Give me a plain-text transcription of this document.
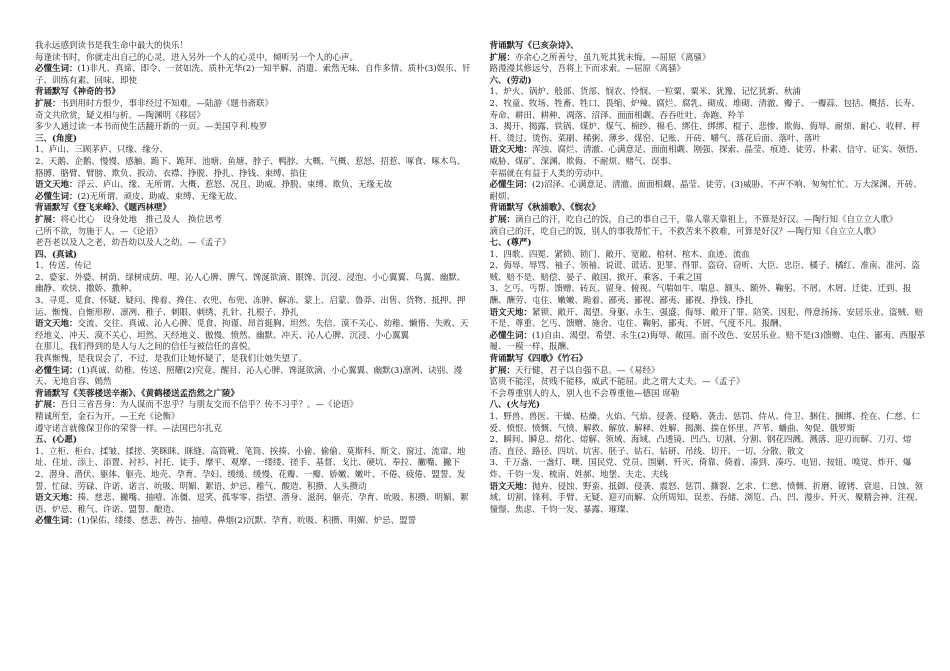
我永远感到读书是我生命中最大的快乐！

每逢读书时，你就走出自己的心灵，进入另外一个人的心灵中，倾听另一个人的心声。

必懂生词：(1)非凡、真谛、即令、一贫如洗、质朴无华(2)一知半解、消遣、索然无味、自作多情、质朴(3)娱乐、钎子、训练有素、回味、即使

背诵默写《神奇的书》

扩展：书到用时方恨少，事非经过不知难。—陆游《题书斋联》

奇文共欣赏，疑义相与析。—陶渊明《移居》

多少人通过读一本书而使生活翻开新的一页。—美国亨利.梭罗

三、(角度)

1、庐山、三顾茅庐、只缘、缘分、

2、天鹅、企鹅、慢慢、感触、跪下、跪拜、池塘、鱼塘、脖子、鸭脖、大概、气概、惹怒、招惹、啄食、啄木鸟、胳膊、胳臂、臂膀、欺负、扳动、衣襟、挣脱、挣扎、挣钱、束缚、掐住

语文天地：浮云、庐山、缘、无所谓、大概、惹怒、况且、助威、挣脱、束缚、欺负、无缘无故

必懂生词：(2)无所谓、顽皮、助威、束缚、无缘无故、

背诵默写《登飞来峰》、《题西林壁》

扩展：将心比心　设身处地　推己及人　换位思考

己所不欲，勿施于人。—《论语》

老吾老以及人之老，幼吾幼以及人之幼。—《孟子》

四、(真诚)

1、传送、传记

2、婆家、外婆、树荫、绿树成荫、哩、沁人心脾、脾气、馋涎欲滴、眼馋、沉浸、浸泡、小心翼翼、鸟翼、幽默、幽静、欢快、撒娇、撒种、

3、寻觅、觅食、怀疑、疑问、搀着、搀住、衣兜、布兜、冻肿、解冻、蒙上、启蒙、鲁莽、出售、货物、抵押、押运、惭愧、自惭形秽、凛冽、稚子、刺眼、刺绣、扎针、扎根子、挣扎

语文天地：交流、交往、真诚、沁人心脾、觅食、拘谨、昂首挺胸、坦然、失信、漠不关心、幼稚、懒惰、失败、天经地义、冲天、漠不关心、坦然、天经地义、傲慢、愤然、幽默、冲天、沁人心脾、沉浸、小心翼翼

在那儿，我们得到的是人与人之间的信任与被信任的喜悦。

我真惭愧，是我误会了，不过，是我们让她怀疑了，是我们让她失望了。

必懂生词：(1)真诚、幼稚、传送、照耀(2)究竟、醒目、沁人心脾、馋涎欲滴、小心翼翼、幽默(3)凛冽、诀别、漫天、无地自容、嫣然

背诵默写《芙蓉楼送辛渐》、《黄鹤楼送孟浩然之广陵》

扩展：吾日三省吾身：为人谋而不忠乎？与朋友交而不信乎？传不习乎？。—《论语》

精诚所至，金石为开。—王充《论衡》

遵守诺言就像保卫你的荣誉一样。—法国巴尔扎克

五、(心愿)

1、立柜、柜台、揉皱、揉搓、笑眯眯、眯缝、高筒靴、笔筒、挨揍、小偷、偷偷、莫斯科、斯文、窗过、流窜、地址、住址、添上、添置、衬衫、衬托、徒手、摩平、观摩、一缕缕、搓手、基督、戈比、硬坑、奉拉、撇嘴、撇下

2、潜身、潜伏、躯体、躯壳、地壳、孕育、孕妇、缓缓、缓慢、花瓣、一瓣、娇嫩、嫩叶、不倦、疲倦、盟誓、发誓、忙碌、劳碌、许诺、诺言、吮吸、明媚、絮语、炉忌、稚气、酸造、积攒、人头攒动

语文天地：揍、慈悲、撇嘴、抽噎、冻僵、逗笑、孤零零、指望、潜身、滋润、躯壳、孕育、吮吸、积攒、明媚、絮语、炉忌、稚气、许诺、盟誓、酿造、

必懂生词：(1)保佑、缕缕、慈悲、祷告、抽噎、鼻烟(2)沉默、孕育、吮吸、积攒、明媚、炉忌、盟誓

背诵默写《已亥杂诗》、

扩展：亦余心之所善兮，虽九死其犹未悔。—屈原《离骚》

路漫漫其修远兮，吾将上下而求索。—屈原《离骚》

六、(劳动)

1、炉火、锅炉、般部、货部、悯农、怜悯、一粒粟、粟米、犹豫、记忆犹新、秋浦

2、牧童、牧场、牲畜、牲口、畏缩、炉辣、腐烂、腐乳、砌成、堆砌、清澈、瓣子、一瓣蒜、包括、概括、长寿、寿命、耕田、耕种、凋落、沼泽、面面相觑、吞吞吐吐、奔跑、羚羊

3、揭开、揭露、铁锅、煤炉、煤气、棉纱、棉毛、绑住、绑绑、棍子、悲惨、欺侮、侮辱、耐烦、耐心、收秤、秤杆、烫过、烫伤、菜刷、稀粥、薄乡、煤窑、记账、开砖、嚼气、落花后面、落叶、落叶

语文天地：浑浊、腐烂、清澈、心满意足、面面相觑、刚强、探索、晶莹、痕迹、徒劳、朴素、信守、证实、领悟、威胁、煤矿、深渊、欺侮、不耐烦、赌气、误事、

幸福就在有益于人类的劳动中。

必懂生词：(2)沼泽、心满意足、清澈、面面相觑、晶莹、徒劳、(3)威胁、不声不响、匆匆忙忙、万大深渊、开砖、耐烦、

背诵默写《秋浦歌》、《悯农》

扩展：滴自己的汗，吃自己的饭，自己的事自己干，靠人靠天靠祖上，不算是好汉。—陶行知《自立立人歌》

滴自己的汗，吃自己的饭，别人的事我帮忙干，不救苦来不救难，可算是好汉？—陶行知《自立立人歌》

七、(尊严)

1、四歌、四冕、紧锁、锁门、敞开、宽敞、棺材、棺木、血迹、流血

2、侮辱、辱骂、袖子、领袖、说谎、谎话、犯罪、得罪、盗窃、窃听、大臣、忠臣、橘子、橘红、准南、准河、盗贼、赔不是、赔偿、晏子、敞国、掀开、乘客、千乘之国

3、乞丐、丐帮、馈赠、砖瓦、留身、俯视、气喘如牛、喘息、额头、额外、鞠躬、不屑、木屑、迁徙、迁到、报酬、酬劳、屯住、嫩嫩、跪着、鄙夷、鄙视、鄙夷、鄙视、挣钱、挣扎

语文天地：紧锁、敞开、渴望、身躯、永生、强盛、侮辱、敞开了罪、陪笑、因犯、得意扬扬、安居乐业、盗贼、赔不是、尊重、乞丐、馈赠、施舍、屯住、鞠躬、鄙夷、不屑、气度不凡、报酬、

必懂生词：(1)自由、渴望、希望、永生(2)侮辱、敞国、面不改色、安居乐业、赔不是(3)馈赠、屯住、鄙夷、西服革履、一模一样、报酬、

背诵默写《四歌》《竹石》

扩展：天行健，君子以自强不息。—《易经》

富贵不能淫，贫贱不能移，威武不能屈。此之谓大丈夫。—《孟子》

不会尊重别人的人，别人也不会尊重他—德国 席勒

八、(火与光)

1、野兽、兽医、干燥、枯燥、火焰、气焰、侵袭、侵略、袭击、惩罚、侍从、侍卫、捆住、捆绑、拴在、仁慈、仁爱、愤恨、愤慨、气愤、解救、解放、解释、姓解、揭测、揣在怀里、芦苇、蟠曲、匆促、俄罗斯

2、瞬间、瞬息、熔化、熔解、领域、海域、凸透镜、凹凸、切割、分割、钢花四溅、溅落、迎刃而解、刀刃、熔渣、直径、路径、四坑、坑害、胚子、钻石、钻研、吊线、切开、一切、分散、散文

3、千万盏、一盏灯、噢、国民党、党员、围剿、歼灭、倚靠、倚着、凑到、凑巧、电钮、按钮、嗅觉、炸开、爆炸、千钧一发、梳南、姓郝、地堡、夫走、夫线

语文天地：抛弃、侵蚀、野蛮、抵御、侵袭、震怒、惩罚、撕裂、乞求、仁慈、愤慨、折磨、镣铐、衰退、日蚀、领域、切割、锋利、手臂、无疑、迎刃而解、众所周知、误差、吞储、浏览、凸、凹、漫步、歼灭、聚精会神、注视、憧憬、焦虑、千钧一发、暴露、璀璨、
